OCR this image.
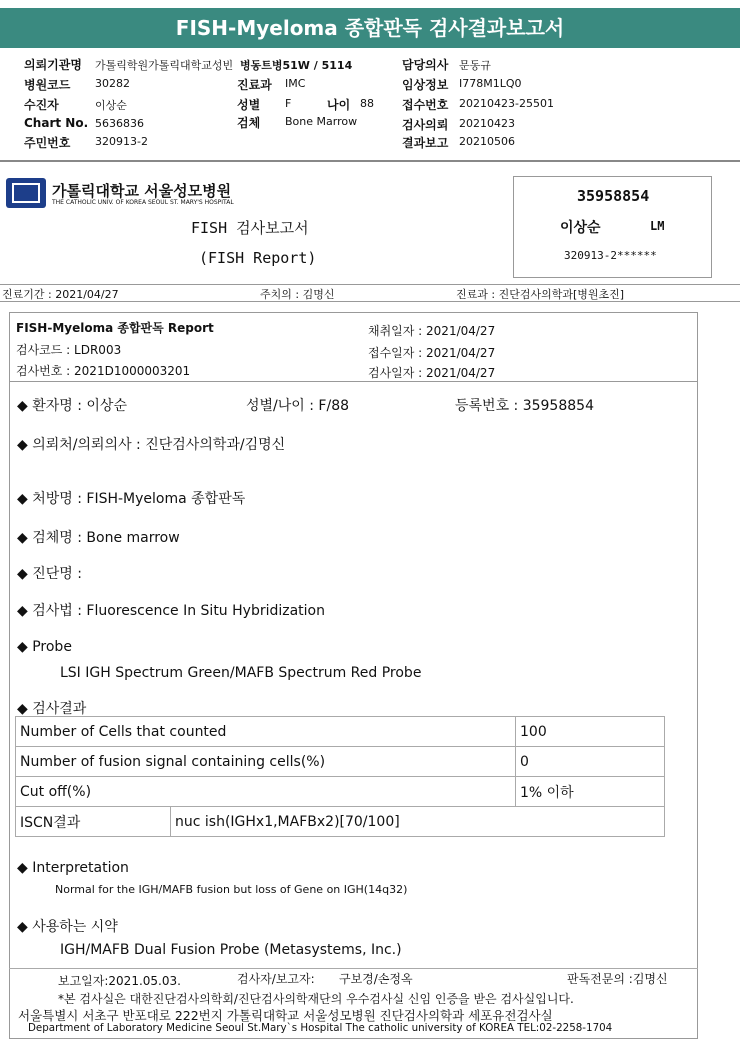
FISH-Myeloma 종합판독 검사결과보고서
의뢰기관명 가톨릭학원가톨릭대학교성빈 병동트병51W / 5114
병원코드 30282	진료과 IMC
수진자	이상순	성별 F	나이 88
Chart No. 5636836	검체 Bone Marrow
주민번호 320913-2
담당의사 문동규
임상정보 I778M1LQ0
접수번호 20210423-25501
검사의뢰 20210423
결과보고 20210506
가톨릭대학교 서울성모병원
THE CATHOLIC UNIV. OF KOREA SEOUL ST. MARY'S HOSPITAL
FISH 검사보고서
(FISH Report)
35958854
이상순	LM
320913-2******
진료기간 : 2021/04/27	주치의 : 김명신	진료과 : 진단검사의학과[병원초진]
FISH-Myeloma 종합판독 Report
검사코드 : LDR003
검사번호 : 2021D1000003201
채취일자 : 2021/04/27
접수일자 : 2021/04/27
검사일자 : 2021/04/27
◆ 환자명 : 이상순	성별/나이 : F/88	등록번호 : 35958854
◆ 의뢰처/의뢰의사 : 진단검사의학과/김명신
◆ 처방명 : FISH-Myeloma 종합판독
◆ 검체명 : Bone marrow
◆ 진단명 :
◆ 검사법 : Fluorescence In Situ Hybridization
◆ Probe
LSI IGH Spectrum Green/MAFB Spectrum Red Probe
◆ 검사결과
Number of Cells that counted		100
Number of fusion signal containing cells(%)		0
Cut off(%)		1% 이하
ISCN결과	nuc ish(IGHx1,MAFBx2)[70/100]	
◆ Interpretation
Normal for the IGH/MAFB fusion but loss of Gene on IGH(14q32)
◆ 사용하는 시약
IGH/MAFB Dual Fusion Probe (Metasystems, Inc.)
보고일자:2021.05.03.	검사자/보고자: 구보경/손정옥	판독전문의 :김명신
*본 검사실은 대한진단검사의학회/진단검사의학재단의 우수검사실 신임 인증을 받은 검사실입니다.
서울특별시 서초구 반포대로 222번지 가톨릭대학교 서울성모병원 진단검사의학과 세포유전검사실
Department of Laboratory Medicine Seoul St.Mary`s Hospital The catholic university of KOREA TEL:02-2258-1704
